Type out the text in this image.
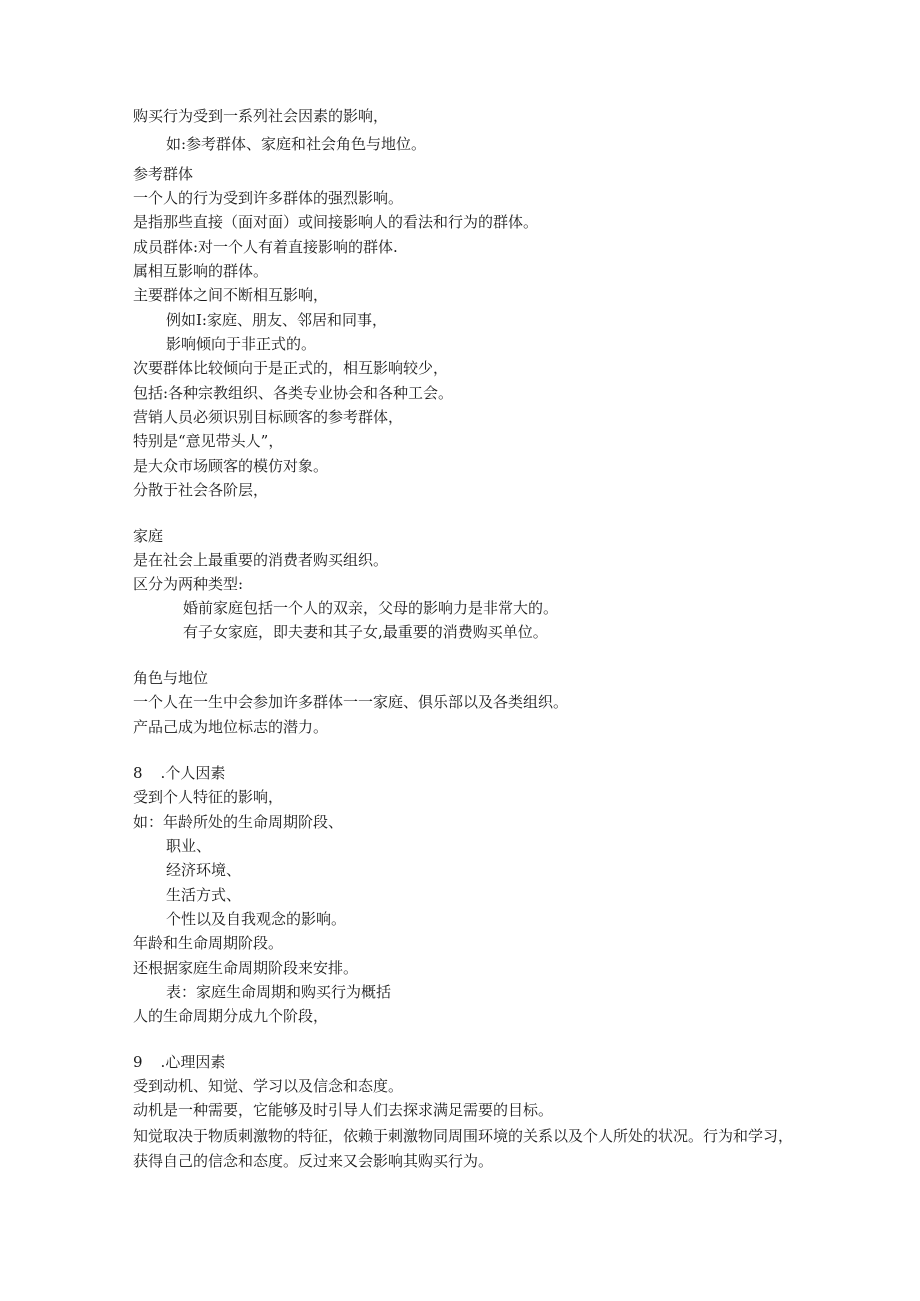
购买行为受到一系列社会因素的影响，
如:参考群体、家庭和社会角色与地位。
参考群体
一个人的行为受到许多群体的强烈影响。
是指那些直接（面对面）或间接影响人的看法和行为的群体。
成员群体:对一个人有着直接影响的群体.
属相互影响的群体。
主要群体之间不断相互影响，
例如I:家庭、朋友、邻居和同事，
影响倾向于非正式的。
次要群体比较倾向于是正式的，相互影响较少，
包括:各种宗教组织、各类专业协会和各种工会。
营销人员必须识别目标顾客的参考群体，
特别是“意见带头人”，
是大众市场顾客的模仿对象。
分散于社会各阶层，
家庭
是在社会上最重要的消费者购买组织。
区分为两种类型:
婚前家庭包括一个人的双亲，父母的影响力是非常大的。
有子女家庭，即夫妻和其子女,最重要的消费购买单位。
角色与地位
一个人在一生中会参加许多群体一一家庭、俱乐部以及各类组织。
产品己成为地位标志的潜力。
8 .个人因素
受到个人特征的影响，
如：年龄所处的生命周期阶段、
职业、
经济环境、
生活方式、
个性以及自我观念的影响。
年龄和生命周期阶段。
还根据家庭生命周期阶段来安排。
表：家庭生命周期和购买行为概括
人的生命周期分成九个阶段，
9 .心理因素
受到动机、知觉、学习以及信念和态度。
动机是一种需要，它能够及时引导人们去探求满足需要的目标。
知觉取决于物质刺激物的特征，依赖于刺激物同周围环境的关系以及个人所处的状况。行为和学习，获得自己的信念和态度。反过来又会影响其购买行为。
